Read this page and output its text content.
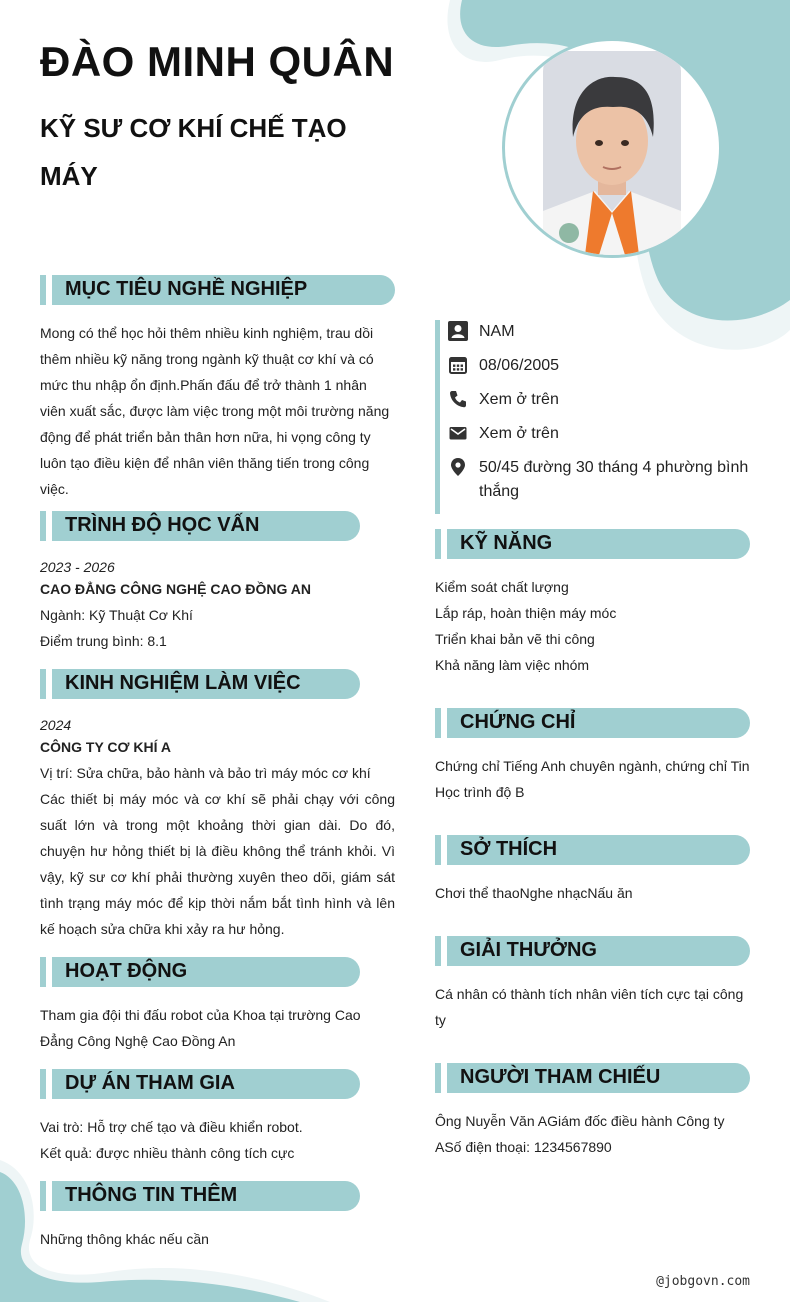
ĐÀO MINH QUÂN
KỸ SƯ CƠ KHÍ CHẾ TẠO MÁY
MỤC TIÊU NGHỀ NGHIỆP

Mong có thể học hỏi thêm nhiều kinh nghiệm, trau dồi thêm nhiều kỹ năng trong ngành kỹ thuật cơ khí và có mức thu nhập ổn định.Phấn đấu để trở thành 1 nhân viên xuất sắc, được làm việc trong một môi trường năng động để phát triển bản thân hơn nữa, hi vọng công ty luôn tạo điều kiện để nhân viên thăng tiến trong công việc.

TRÌNH ĐỘ HỌC VẤN

2023 - 2026

CAO ĐẲNG CÔNG NGHỆ CAO ĐỒNG AN

Ngành: Kỹ Thuật Cơ Khí

Điểm trung bình: 8.1

KINH NGHIỆM LÀM VIỆC

2024

CÔNG TY CƠ KHÍ A

Vị trí: Sửa chữa, bảo hành và bảo trì máy móc cơ khí

Các thiết bị máy móc và cơ khí sẽ phải chạy với công suất lớn và trong một khoảng thời gian dài. Do đó, chuyện hư hỏng thiết bị là điều không thể tránh khỏi. Vì vậy, kỹ sư cơ khí phải thường xuyên theo dõi, giám sát tình trạng máy móc để kịp thời nắm bắt tình hình và lên kế hoạch sửa chữa khi xảy ra hư hỏng.

HOẠT ĐỘNG

Tham gia đội thi đấu robot của Khoa tại trường Cao Đẳng Công Nghệ Cao Đồng An

DỰ ÁN THAM GIA

Vai trò: Hỗ trợ chế tạo và điều khiển robot.

Kết quả: được nhiều thành công tích cực

THÔNG TIN THÊM

Những thông khác nếu cần

NAM
08/06/2005
Xem ở trên
Xem ở trên
50/45 đường 30 tháng 4 phường bình thắng
KỸ NĂNG

Kiểm soát chất lượng

Lắp ráp, hoàn thiện máy móc

Triển khai bản vẽ thi công

Khả năng làm việc nhóm

CHỨNG CHỈ

Chứng chỉ Tiếng Anh chuyên ngành, chứng chỉ Tin Học trình độ B

SỞ THÍCH

Chơi thể thaoNghe nhạcNấu ăn

GIẢI THƯỞNG

Cá nhân có thành tích nhân viên tích cực tại công ty

NGƯỜI THAM CHIẾU

Ông Nuyễn Văn AGiám đốc điều hành Công ty ASố điện thoại: 1234567890

@jobgovn.com
